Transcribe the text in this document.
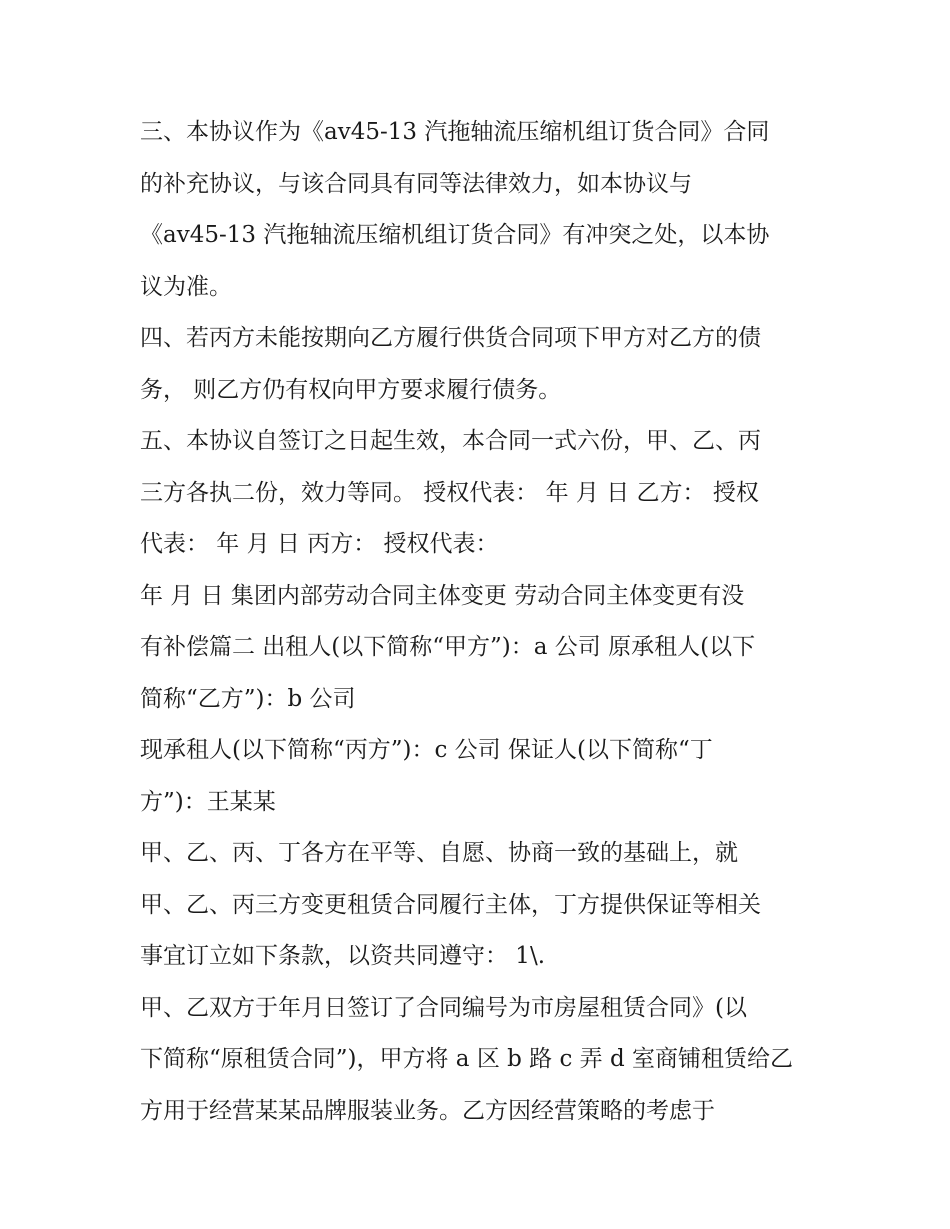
三、本协议作为《av45-13 汽拖轴流压缩机组订货合同》合同
的补充协议，与该合同具有同等法律效力，如本协议与
《av45-13 汽拖轴流压缩机组订货合同》有冲突之处，以本协
议为准。
四、若丙方未能按期向乙方履行供货合同项下甲方对乙方的债
务， 则乙方仍有权向甲方要求履行债务。
五、本协议自签订之日起生效，本合同一式六份，甲、乙、丙
三方各执二份，效力等同。 授权代表： 年 月 日 乙方： 授权
代表： 年 月 日 丙方： 授权代表：
年 月 日 集团内部劳动合同主体变更 劳动合同主体变更有没
有补偿篇二 出租人(以下简称“甲方”)：a 公司 原承租人(以下
简称“乙方”)：b 公司
现承租人(以下简称“丙方”)：c 公司 保证人(以下简称“丁
方”)：王某某
甲、乙、丙、丁各方在平等、自愿、协商一致的基础上，就
甲、乙、丙三方变更租赁合同履行主体，丁方提供保证等相关
事宜订立如下条款，以资共同遵守： 1\.
甲、乙双方于年月日签订了合同编号为市房屋租赁合同》(以
下简称“原租赁合同”)，甲方将 a 区 b 路 c 弄 d 室商铺租赁给乙
方用于经营某某品牌服装业务。乙方因经营策略的考虑于
